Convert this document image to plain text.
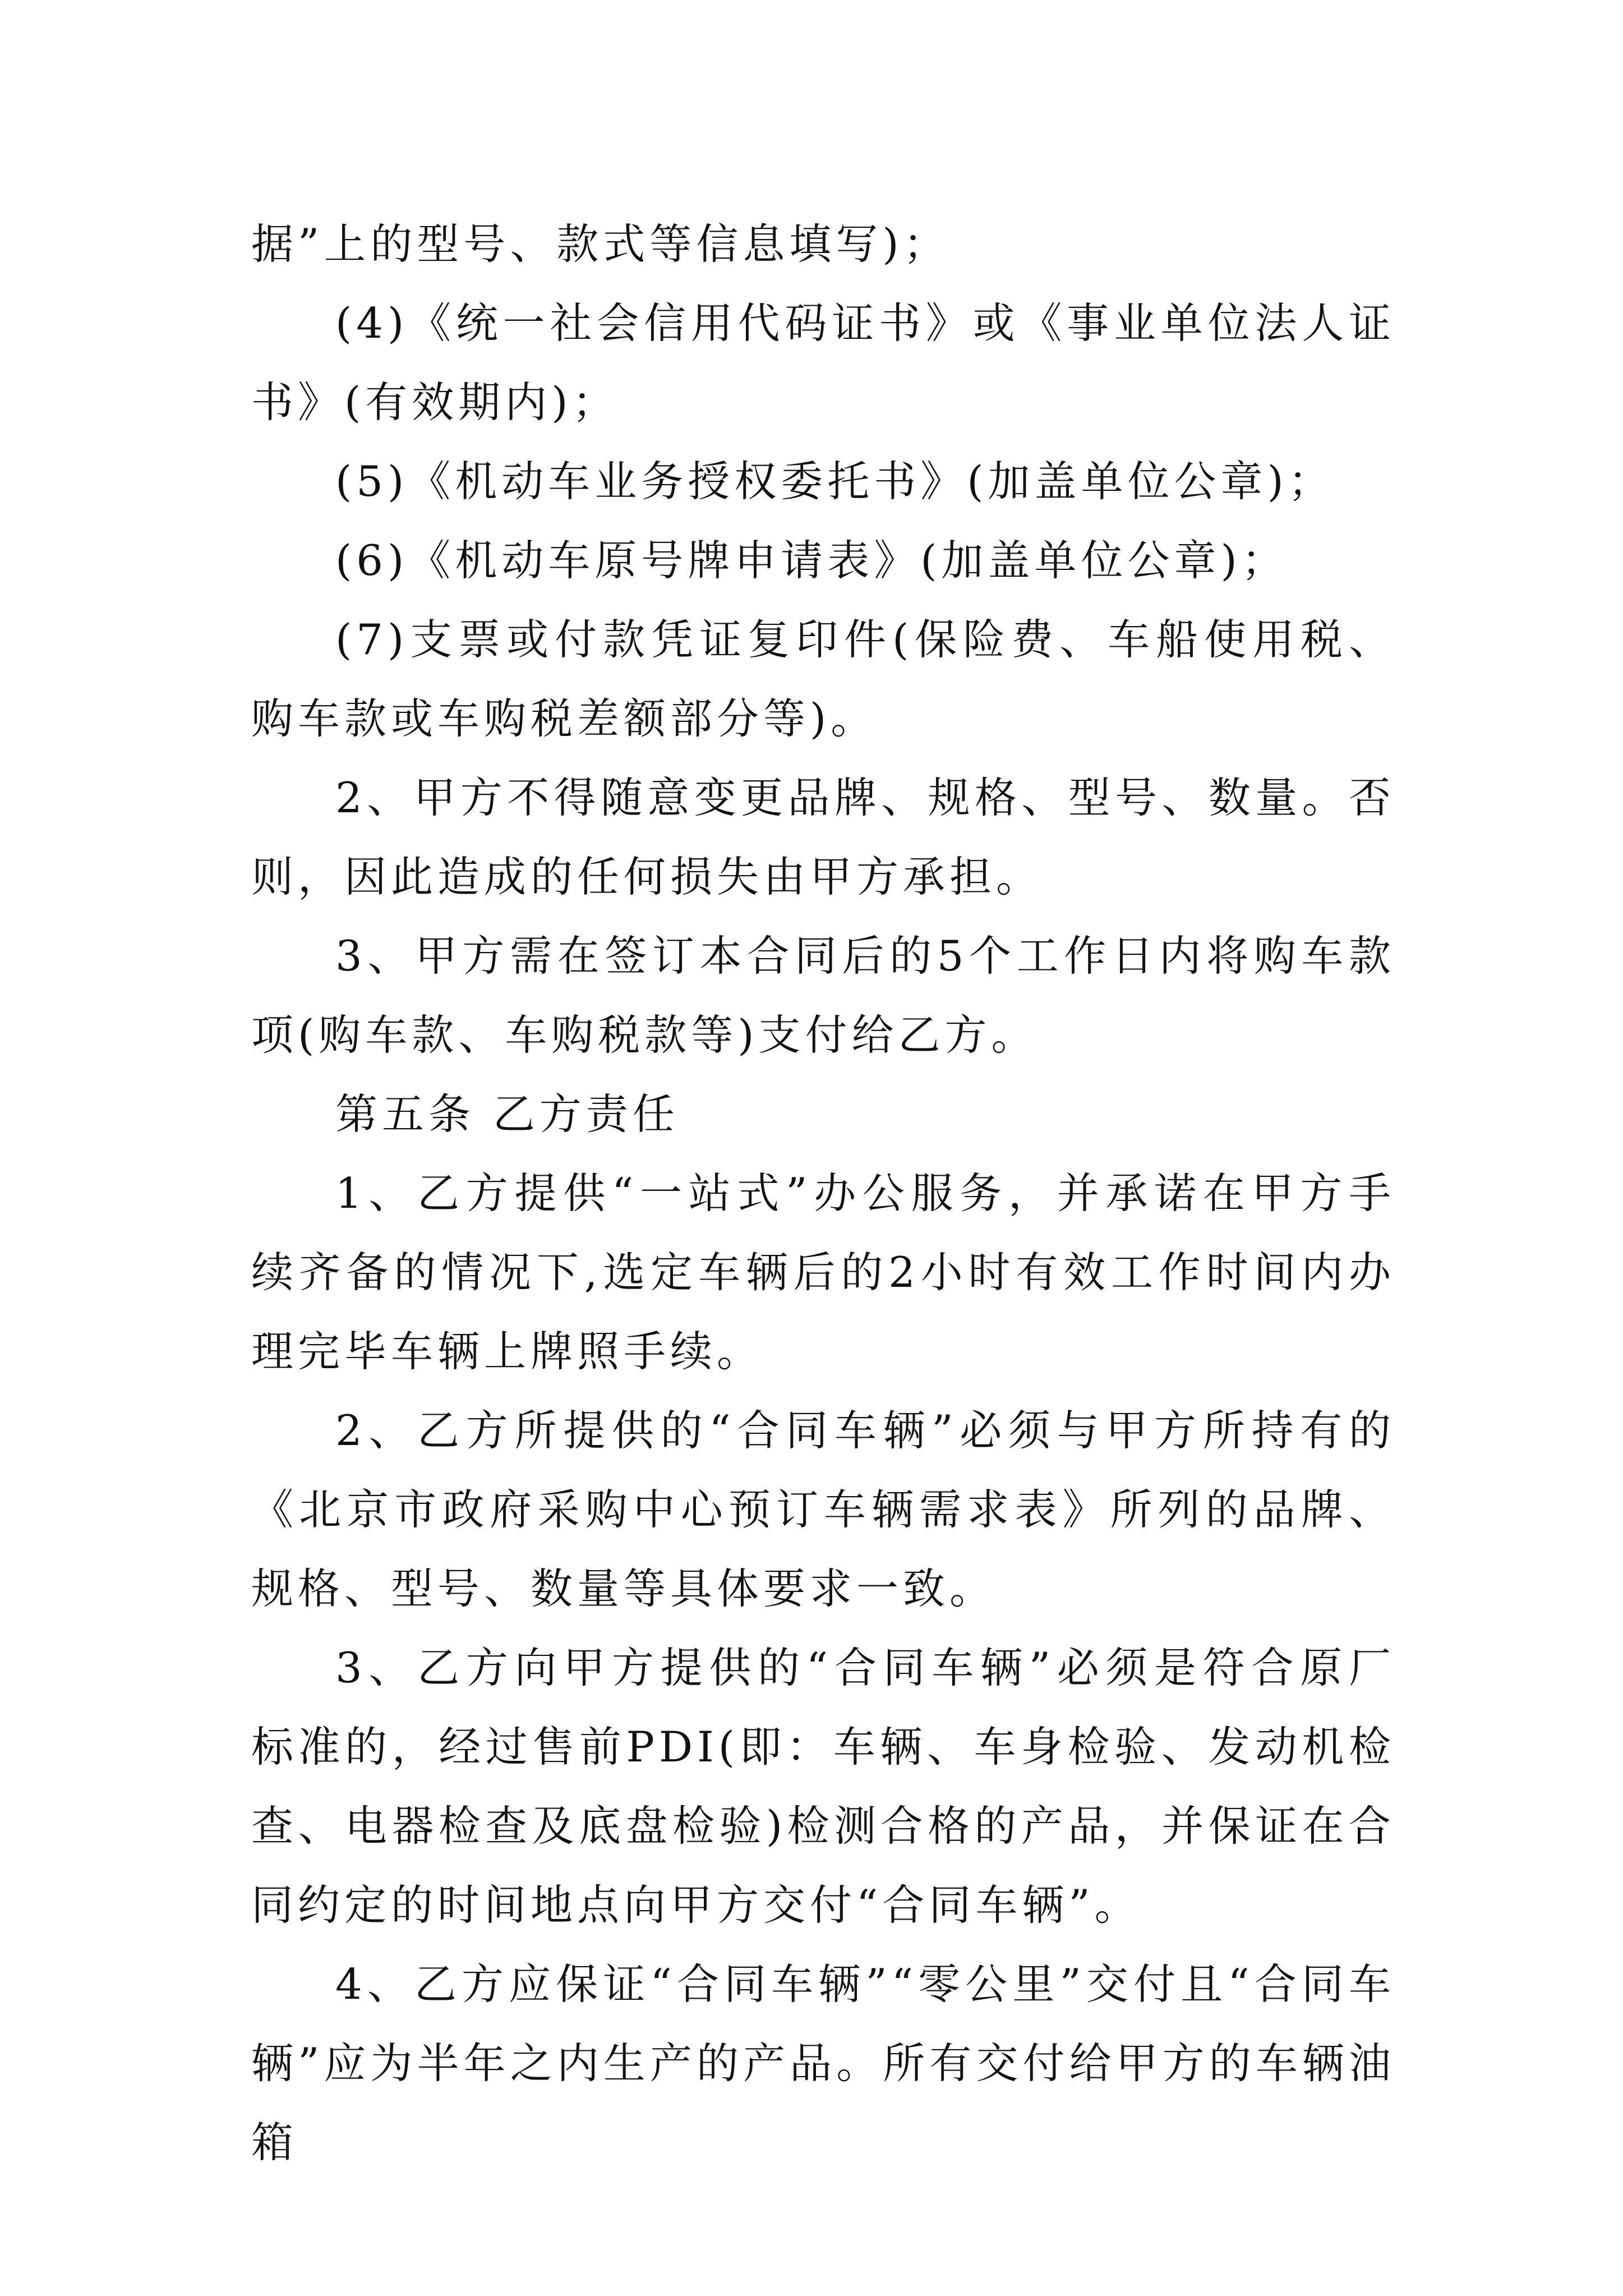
据”上的型号、款式等信息填写)；

(4)《统一社会信用代码证书》或《事业单位法人证书》(有效期内)；

(5)《机动车业务授权委托书》(加盖单位公章)；

(6)《机动车原号牌申请表》(加盖单位公章)；

(7)支票或付款凭证复印件(保险费、车船使用税、购车款或车购税差额部分等)。

2、甲方不得随意变更品牌、规格、型号、数量。否则，因此造成的任何损失由甲方承担。

3、甲方需在签订本合同后的5个工作日内将购车款项(购车款、车购税款等)支付给乙方。

第五条 乙方责任

1、乙方提供“一站式”办公服务，并承诺在甲方手续齐备的情况下,选定车辆后的2小时有效工作时间内办理完毕车辆上牌照手续。

2、乙方所提供的“合同车辆”必须与甲方所持有的《北京市政府采购中心预订车辆需求表》所列的品牌、规格、型号、数量等具体要求一致。

3、乙方向甲方提供的“合同车辆”必须是符合原厂标准的，经过售前PDI(即：车辆、车身检验、发动机检查、电器检查及底盘检验)检测合格的产品，并保证在合同约定的时间地点向甲方交付“合同车辆”。

4、乙方应保证“合同车辆”“零公里”交付且“合同车辆”应为半年之内生产的产品。所有交付给甲方的车辆油箱
